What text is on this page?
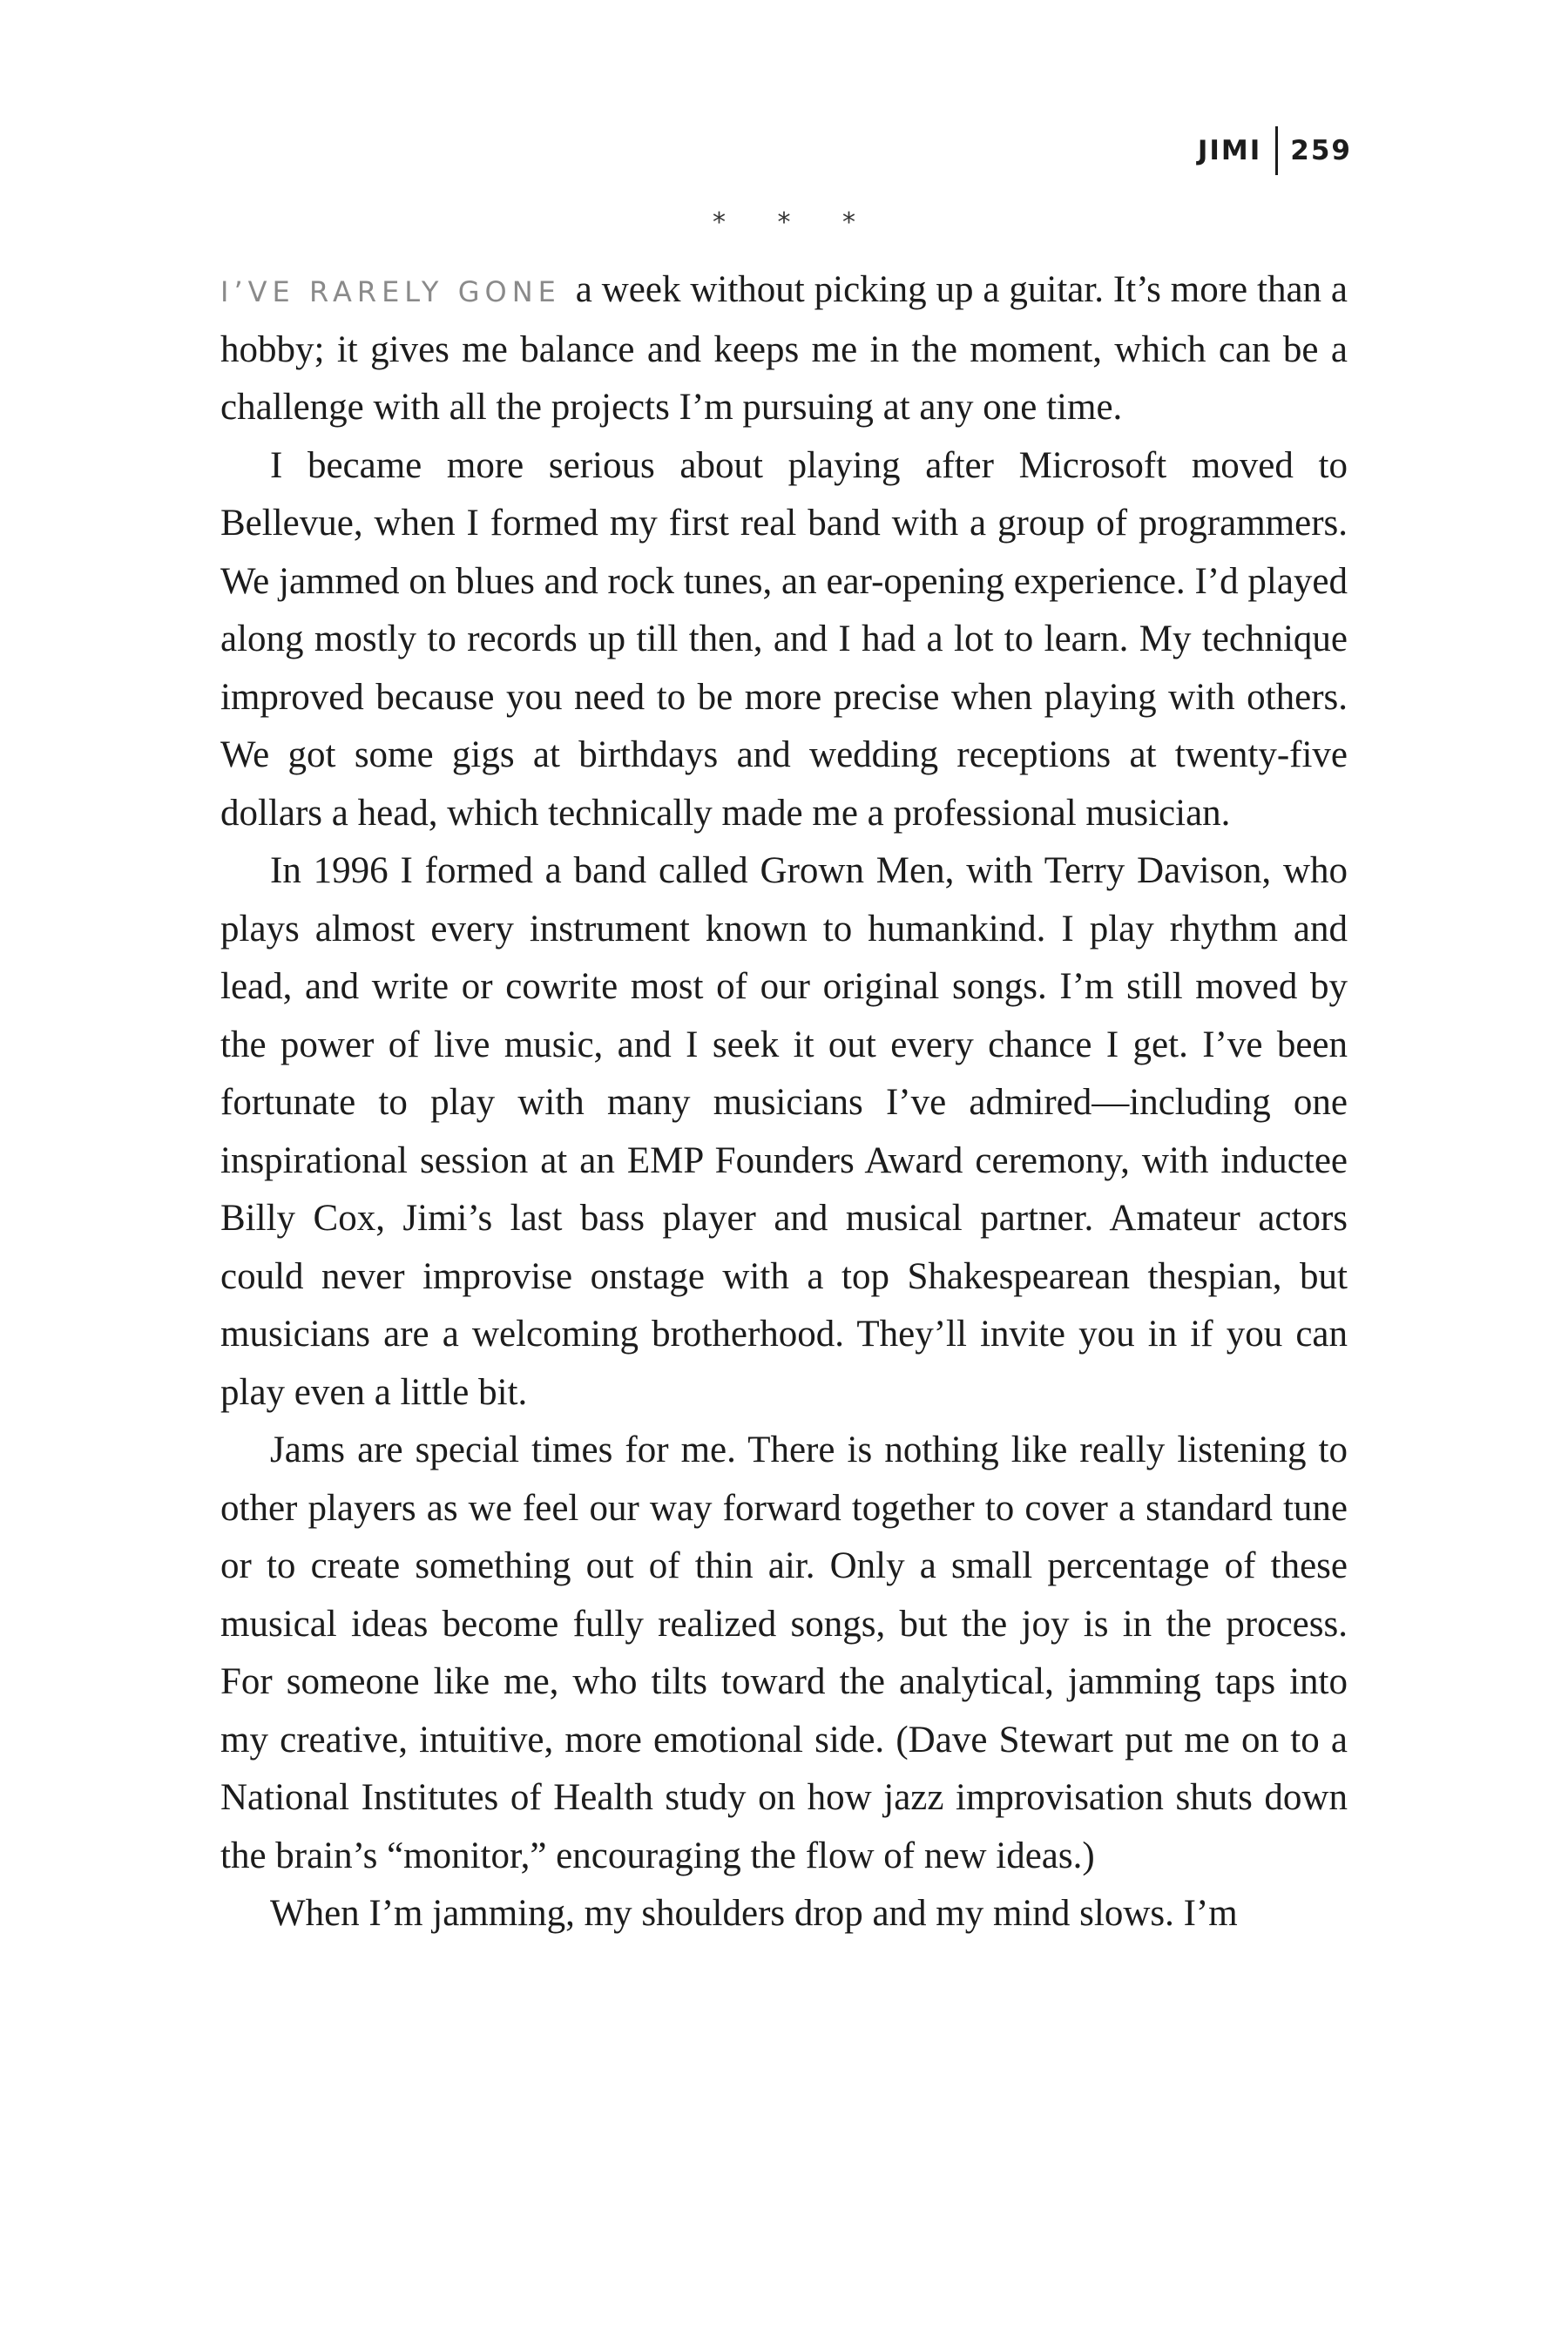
JIMI	259
* * *

I’VE RARELY GONE a week without picking up a guitar. It’s more than a hobby; it gives me balance and keeps me in the moment, which can be a challenge with all the projects I’m pursuing at any one time.

I became more serious about playing after Microsoft moved to Bellevue, when I formed my first real band with a group of programmers. We jammed on blues and rock tunes, an ear-opening experience. I’d played along mostly to records up till then, and I had a lot to learn. My technique improved because you need to be more precise when playing with others. We got some gigs at birthdays and wedding receptions at twenty-five dollars a head, which technically made me a professional musician.

In 1996 I formed a band called Grown Men, with Terry Davison, who plays almost every instrument known to humankind. I play rhythm and lead, and write or cowrite most of our original songs. I’m still moved by the power of live music, and I seek it out every chance I get. I’ve been fortunate to play with many musicians I’ve admired—including one inspirational session at an EMP Founders Award ceremony, with inductee Billy Cox, Jimi’s last bass player and musical partner. Amateur actors could never improvise onstage with a top Shakespearean thespian, but musicians are a welcoming brotherhood. They’ll invite you in if you can play even a little bit.

Jams are special times for me. There is nothing like really listening to other players as we feel our way forward together to cover a standard tune or to create something out of thin air. Only a small percentage of these musical ideas become fully realized songs, but the joy is in the process. For someone like me, who tilts toward the analytical, jamming taps into my creative, intuitive, more emotional side. (Dave Stewart put me on to a National Institutes of Health study on how jazz improvisation shuts down the brain’s “monitor,” encouraging the flow of new ideas.)

When I’m jamming, my shoulders drop and my mind slows. I’m
